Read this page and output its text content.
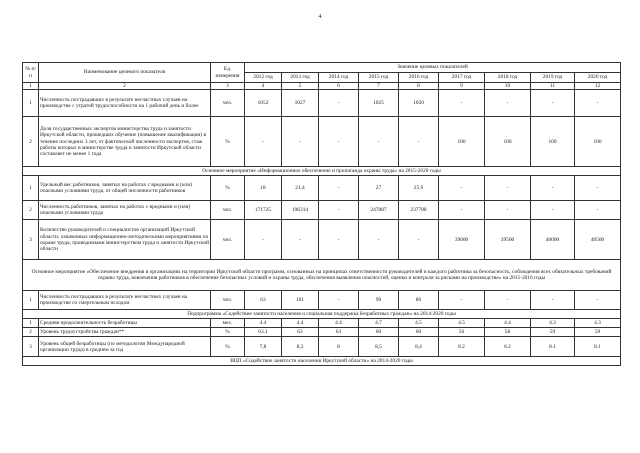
4
№ п/п	Наименование целевого показателя	Ед. измерения	Значение целевых показателей								
			2012 год	2013 год	2014 год	2015 год	2016 год	2017 год	2018 год	2019 год	2020 год
1	2	3	4	5	6	7	8	9	10	11	12
1	Численность пострадавших в результате несчастных случаев на производстве с утратой трудоспособности на 1 рабочий день и более	чел.	1052	1027	-	1025	1020	-	-	-	-
2	Доля государственных экспертов министерства труда и занятости Иркутской области, прошедших обучение (повышение квалификации) в течение последних 3 лет, от фактической численности экспертов, стаж работы которых в министерстве труда и занятости Иркутской области составляет не менее 1 года	%	-	-	-	-	-	100	100	100	100
Основное мероприятие «Информационное обеспечение и пропаганда охраны труда» на 2015-2020 годы											
1	Удельный вес работников, занятых на работах с вредными и (или) опасными условиями труда, от общей численности работников	%	18	21.4	-	27	25.9	-	-	-	-
2	Численность работников, занятых на работах с вредными и (или) опасными условиями труда	чел.	171725	196314	-	247887	237788	-	-	-	-
3	Количество руководителей и специалистов организаций Иркутской области, охваченных информационно-методическими мероприятиями по охране труда, проводимыми министерством труда и занятости Иркутской области	чел.	-	-	-	-	-	39000	39500	40000	40500
Основное мероприятие «Обеспечение внедрения в организациях на территории Иркутской области программ, основанных на принципах ответственности руководителей и каждого работника за безопасность, соблюдения всех обязательных требований охраны труда, вовлечения работников в обеспечение безопасных условий и охраны труда, обеспечения выявления опасностей, оценки и контроля за рисками на производстве» на 2015-2016 годы											
1	Численность пострадавших в результате несчастных случаев на производстве со смертельным исходом	чел.	63	101	-	90	80	-	-	-	-
Подпрограмма «Содействие занятости населения и социальная поддержка безработных граждан» на 2014-2020 годы											
1	Средняя продолжительность безработицы	мес.	4.4	4.4	4.4	4.7	4.5	4.5	4.4	4.3	4.3
2	Уровень трудоустройства граждан**	%	63.1	63	63	60	60	56	58	59	59
3	Уровень общей безработицы (по методологии Международной организации труда) в среднем за год	%	7,8	8,3	8	8,5	8,4	8.2	8.2	8.1	8.1
ВЦП «Содействие занятости населения Иркутской области» на 2014-2020 годы											
